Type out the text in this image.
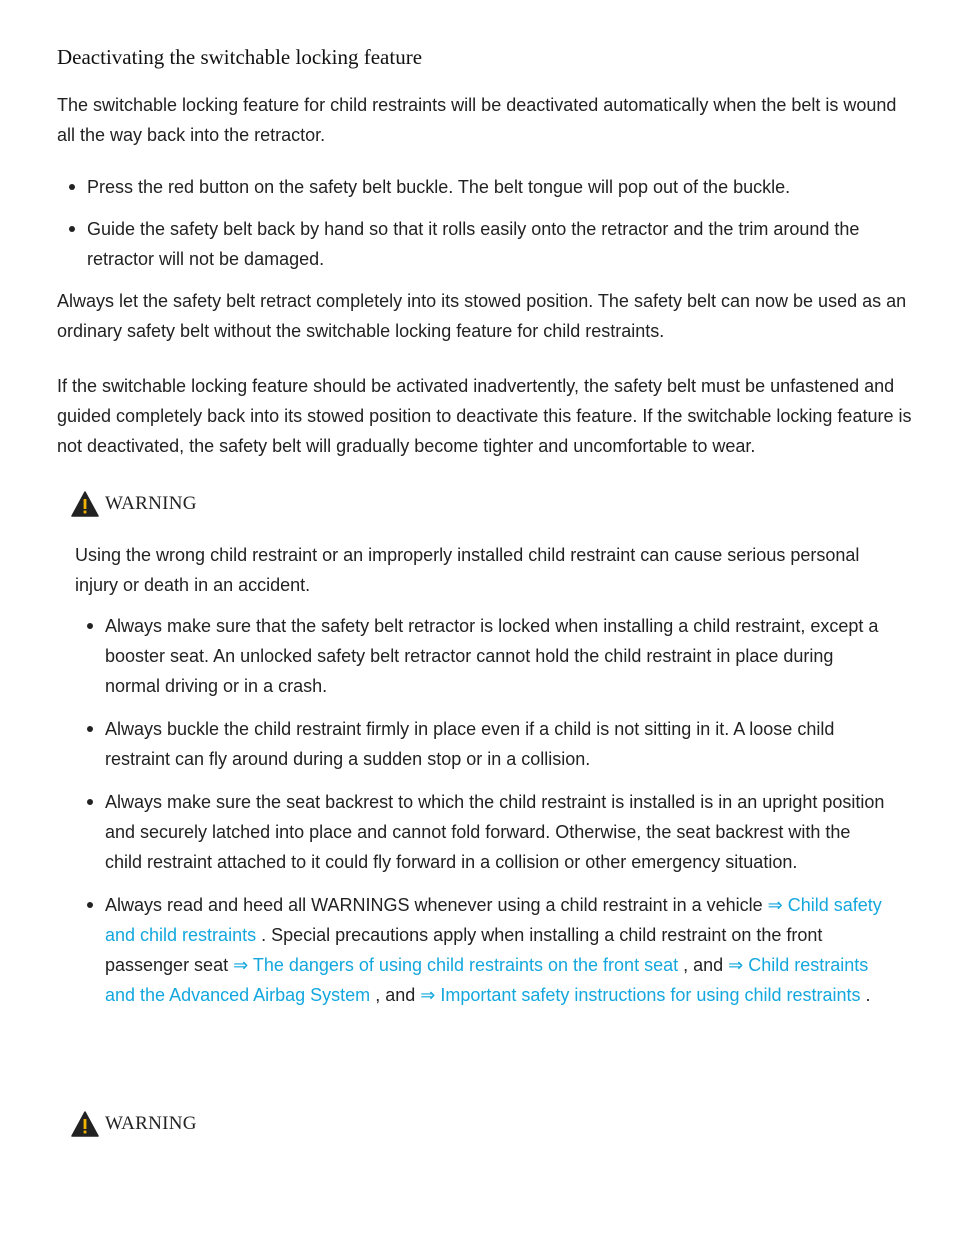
Deactivating the switchable locking feature

The switchable locking feature for child restraints will be deactivated automatically when the belt is wound all the way back into the retractor.

Press the red button on the safety belt buckle. The belt tongue will pop out of the buckle.
Guide the safety belt back by hand so that it rolls easily onto the retractor and the trim around the retractor will not be damaged.

Always let the safety belt retract completely into its stowed position. The safety belt can now be used as an ordinary safety belt without the switchable locking feature for child restraints.

If the switchable locking feature should be activated inadvertently, the safety belt must be unfastened and guided completely back into its stowed position to deactivate this feature. If the switchable locking feature is not deactivated, the safety belt will gradually become tighter and uncomfortable to wear.

WARNING

Using the wrong child restraint or an improperly installed child restraint can cause serious personal injury or death in an accident.

Always make sure that the safety belt retractor is locked when installing a child restraint, except a booster seat. An unlocked safety belt retractor cannot hold the child restraint in place during normal driving or in a crash.
Always buckle the child restraint firmly in place even if a child is not sitting in it. A loose child restraint can fly around during a sudden stop or in a collision.
Always make sure the seat backrest to which the child restraint is installed is in an upright position and securely latched into place and cannot fold forward. Otherwise, the seat backrest with the child restraint attached to it could fly forward in a collision or other emergency situation.
Always read and heed all WARNINGS whenever using a child restraint in a vehicle ⇒ Child safety and child restraints . Special precautions apply when installing a child restraint on the front passenger seat ⇒ The dangers of using child restraints on the front seat , and ⇒ Child restraints and the Advanced Airbag System , and ⇒ Important safety instructions for using child restraints .
WARNING
